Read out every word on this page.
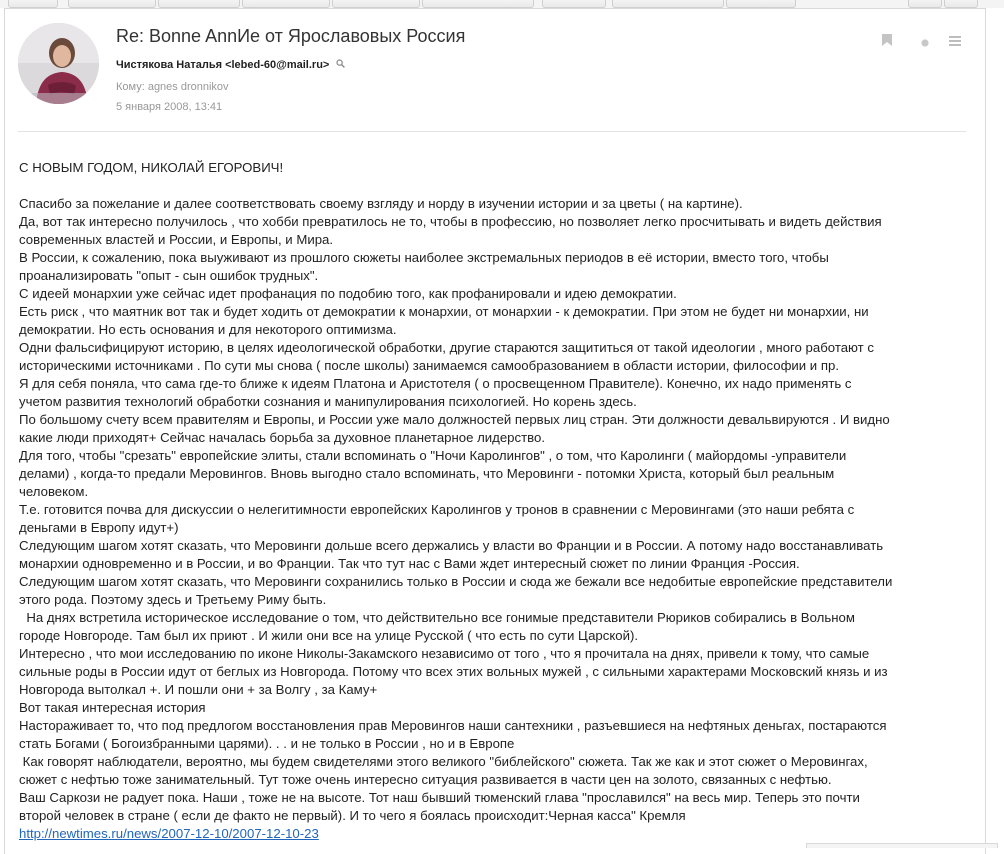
Re: Bonne AnnИe от Ярославовых Россия
Чистякова Наталья <lebed-60@mail.ru>
Кому: agnes dronnikov
5 января 2008, 13:41

С НОВЫМ ГОДОМ, НИКОЛАЙ ЕГОРОВИЧ!

Спасибо за пожелание и далее соответствовать своему взгляду и норду в изучении истории и за цветы ( на картине).

Да, вот так интересно получилось , что хобби превратилось не то, чтобы в профессию, но позволяет легко просчитывать и видеть действия

современных властей и России, и Европы, и Мира.

В России, к сожалению, пока выуживают из прошлого сюжеты наиболее экстремальных периодов в её истории, вместо того, чтобы

проанализировать "опыт - сын ошибок трудных".

С идеей монархии уже сейчас идет профанация по подобию того, как профанировали и идею демократии.

Есть риск , что маятник вот так и будет ходить от демократии к монархии, от монархии - к демократии. При этом не будет ни монархии, ни

демократии. Но есть основания и для некоторого оптимизма.

Одни фальсифицируют историю, в целях идеологической обработки, другие стараются защититься от такой идеологии , много работают с

историческими источниками . По сути мы снова ( после школы) занимаемся самообразованием в области истории, философии и пр.

Я для себя поняла, что сама где-то ближе к идеям Платона и Аристотеля ( о просвещенном Правителе). Конечно, их надо применять с

учетом развития технологий обработки сознания и манипулирования психологией. Но корень здесь.

По большому счету всем правителям и Европы, и России уже мало должностей первых лиц стран. Эти должности девальвируются . И видно

какие люди приходят+ Сейчас началась борьба за духовное планетарное лидерство.

Для того, чтобы "срезать" европейские элиты, стали вспоминать о "Ночи Каролингов" , о том, что Каролинги ( майордомы -управители

делами) , когда-то предали Меровингов. Вновь выгодно стало вспоминать, что Меровинги - потомки Христа, который был реальным

человеком.

Т.е. готовится почва для дискуссии о нелегитимности европейских Каролингов у тронов в сравнении с Меровингами (это наши ребята с

деньгами в Европу идут+)

Следующим шагом хотят сказать, что Меровинги дольше всего держались у власти во Франции и в России. А потому надо восстанавливать

монархии одновременно и в России, и во Франции. Так что тут нас с Вами ждет интересный сюжет по линии Франция -Россия.

Следующим шагом хотят сказать, что Меровинги сохранились только в России и сюда же бежали все недобитые европейские представители

этого рода. Поэтому здесь и Третьему Риму быть.

На днях встретила историческое исследование о том, что действительно все гонимые представители Рюриков собирались в Вольном

городе Новгороде. Там был их приют . И жили они все на улице Русской ( что есть по сути Царской).

Интересно , что мои исследованию по иконе Николы-Закамского независимо от того , что я прочитала на днях, привели к тому, что самые

сильные роды в России идут от беглых из Новгорода. Потому что всех этих вольных мужей , с сильными характерами Московский князь и из

Новгорода вытолкал +. И пошли они + за Волгу , за Каму+

Вот такая интересная история

Настораживает то, что под предлогом восстановления прав Меровингов наши сантехники , разъевшиеся на нефтяных деньгах, постараются

стать Богами ( Богоизбранными царями). . . и не только в России , но и в Европе

Как говорят наблюдатели, вероятно, мы будем свидетелями этого великого "библейского" сюжета. Так же как и этот сюжет о Меровингах,

сюжет с нефтью тоже занимательный. Тут тоже очень интересно ситуация развивается в части цен на золото, связанных с нефтью.

Ваш Саркози не радует пока. Наши , тоже не на высоте. Тот наш бывший тюменский глава "прославился" на весь мир. Теперь это почти

второй человек в стране ( если де факто не первый). И то чего я боялась происходит:Черная касса" Кремля

http://newtimes.ru/news/2007-12-10/2007-12-10-23
